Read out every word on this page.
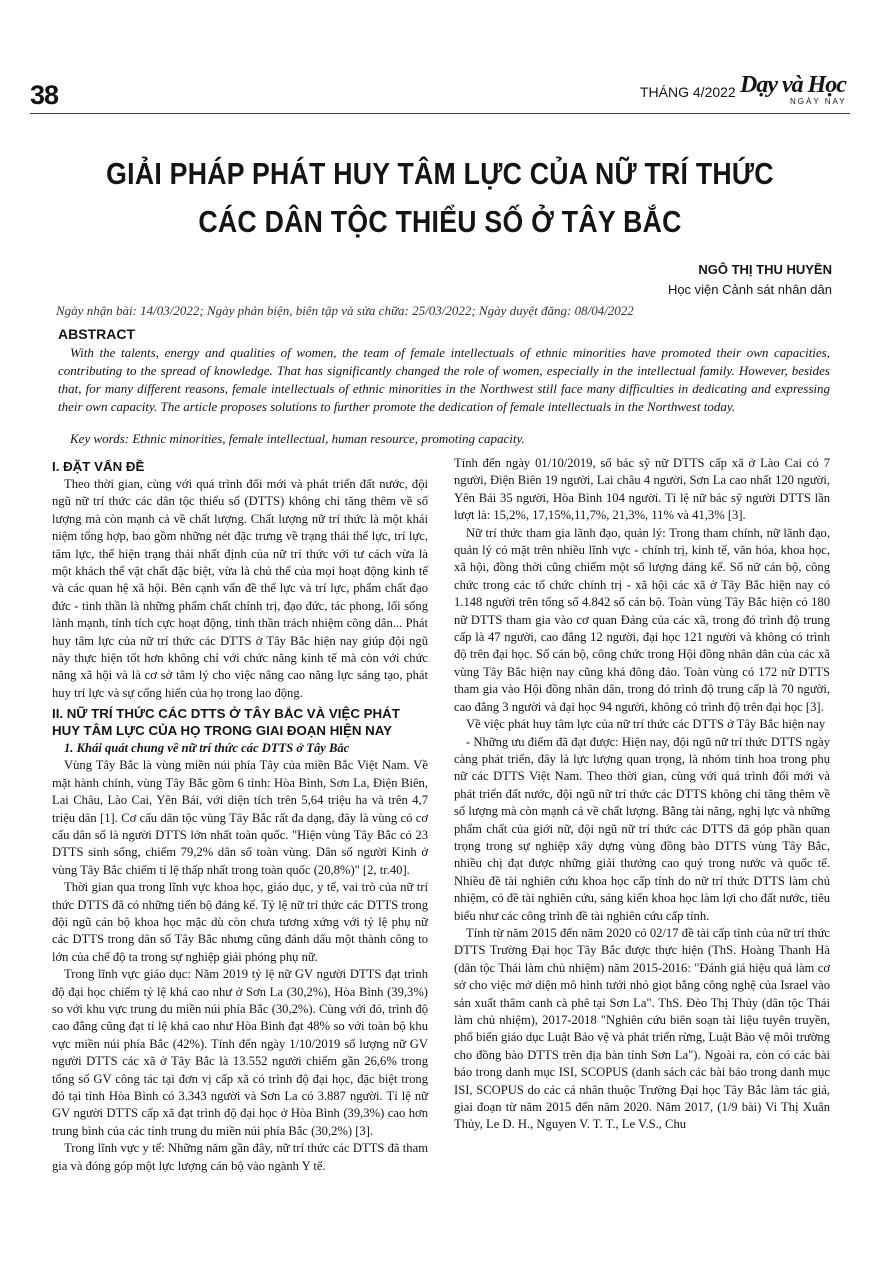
38	THÁNG 4/2022 Dạy và Học
NGÀY NAY
GIẢI PHÁP PHÁT HUY TÂM LỰC CỦA NỮ TRÍ THỨC
CÁC DÂN TỘC THIỂU SỐ Ở TÂY BẮC
NGÔ THỊ THU HUYỀN
Học viện Cảnh sát nhân dân
Ngày nhận bài: 14/03/2022; Ngày phản biện, biên tập và sửa chữa: 25/03/2022; Ngày duyệt đăng: 08/04/2022
ABSTRACT
With the talents, energy and qualities of women, the team of female intellectuals of ethnic minorities have promoted their own capacities, contributing to the spread of knowledge. That has significantly changed the role of women, especially in the intellectual family. However, besides that, for many different reasons, female intellectuals of ethnic minorities in the Northwest still face many difficulties in dedicating and expressing their own capacity. The article proposes solutions to further promote the dedication of female intellectuals in the Northwest today.
Key words: Ethnic minorities, female intellectual, human resource, promoting capacity.
I. ĐẶT VẤN ĐỀ

Theo thời gian, cùng với quá trình đổi mới và phát triển đất nước, đội ngũ nữ trí thức các dân tộc thiểu số (DTTS) không chỉ tăng thêm về số lượng mà còn mạnh cả về chất lượng. Chất lượng nữ trí thức là một khái niệm tổng hợp, bao gồm những nét đặc trưng về trạng thái thể lực, trí lực, tâm lực, thể hiện trạng thái nhất định của nữ trí thức với tư cách vừa là một khách thể vật chất đặc biệt, vừa là chủ thể của mọi hoạt động kinh tế và các quan hệ xã hội. Bên cạnh vấn đề thể lực và trí lực, phẩm chất đạo đức - tinh thần là những phẩm chất chính trị, đạo đức, tác phong, lối sống lành mạnh, tính tích cực hoạt động, tinh thần trách nhiệm công dân... Phát huy tâm lực của nữ trí thức các DTTS ở Tây Bắc hiện nay giúp đội ngũ này thực hiện tốt hơn không chỉ với chức năng kinh tế mà còn với chức năng xã hội và là cơ sở tâm lý cho việc nâng cao năng lực sáng tạo, phát huy trí lực và sự cống hiến của họ trong lao động.

II. NỮ TRÍ THỨC CÁC DTTS Ở TÂY BẮC VÀ VIỆC PHÁT HUY TÂM LỰC CỦA HỌ TRONG GIAI ĐOẠN HIỆN NAY
1. Khái quát chung về nữ trí thức các DTTS ở Tây Bắc

Vùng Tây Bắc là vùng miền núi phía Tây của miền Bắc Việt Nam. Về mặt hành chính, vùng Tây Bắc gồm 6 tỉnh: Hòa Bình, Sơn La, Điện Biên, Lai Châu, Lào Cai, Yên Bái, với diện tích trên 5,64 triệu ha và trên 4,7 triệu dân [1]. Cơ cấu dân tộc vùng Tây Bắc rất đa dạng, đây là vùng có cơ cấu dân số là người DTTS lớn nhất toàn quốc. "Hiện vùng Tây Bắc có 23 DTTS sinh sống, chiếm 79,2% dân số toàn vùng. Dân số người Kinh ở vùng Tây Bắc chiếm tỉ lệ thấp nhất trong toàn quốc (20,8%)" [2, tr.40].

Thời gian qua trong lĩnh vực khoa học, giáo dục, y tế, vai trò của nữ trí thức DTTS đã có những tiến bộ đáng kể. Tỷ lệ nữ trí thức các DTTS trong đội ngũ cán bộ khoa học mặc dù còn chưa tương xứng với tỷ lệ phụ nữ các DTTS trong dân số Tây Bắc nhưng cũng đánh dấu một thành công to lớn của chế độ ta trong sự nghiệp giải phóng phụ nữ.

Trong lĩnh vực giáo dục: Năm 2019 tỷ lệ nữ GV người DTTS đạt trình độ đại học chiếm tỷ lệ khá cao như ở Sơn La (30,2%), Hòa Bình (39,3%) so với khu vực trung du miền núi phía Bắc (30,2%). Cùng với đó, trình độ cao đẳng cũng đạt tỉ lệ khá cao như Hòa Bình đạt 48% so với toàn bộ khu vực miền núi phía Bắc (42%). Tính đến ngày 1/10/2019 số lượng nữ GV người DTTS các xã ở Tây Bắc là 13.552 người chiếm gần 26,6% trong tổng số GV công tác tại đơn vị cấp xã có trình độ đại học, đặc biệt trong đó tại tỉnh Hòa Bình có 3.343 người và Sơn La có 3.887 người. Tỉ lệ nữ GV người DTTS cấp xã đạt trình độ đại học ở Hòa Bình (39,3%) cao hơn trung bình của các tỉnh trung du miền núi phía Bắc (30,2%) [3].

Trong lĩnh vực y tế: Những năm gần đây, nữ trí thức các DTTS đã tham gia và đóng góp một lực lượng cán bộ vào ngành Y tế.

Tính đến ngày 01/10/2019, số bác sỹ nữ DTTS cấp xã ở Lào Cai có 7 người, Điện Biên 19 người, Lai châu 4 người, Sơn La cao nhất 120 người, Yên Bái 35 người, Hòa Bình 104 người. Tỉ lệ nữ bác sỹ người DTTS lần lượt là: 15,2%, 17,15%,11,7%, 21,3%, 11% và 41,3% [3].

Nữ trí thức tham gia lãnh đạo, quản lý: Trong tham chính, nữ lãnh đạo, quản lý có mặt trên nhiều lĩnh vực - chính trị, kinh tế, văn hóa, khoa học, xã hội, đồng thời cũng chiếm một số lượng đáng kể. Số nữ cán bộ, công chức trong các tổ chức chính trị - xã hội các xã ở Tây Bắc hiện nay có 1.148 người trên tổng số 4.842 số cán bộ. Toàn vùng Tây Bắc hiện có 180 nữ DTTS tham gia vào cơ quan Đảng của các xã, trong đó trình độ trung cấp là 47 người, cao đẳng 12 người, đại học 121 người và không có trình độ trên đại học. Số cán bộ, công chức trong Hội đồng nhân dân của các xã vùng Tây Bắc hiện nay cũng khá đông đảo. Toàn vùng có 172 nữ DTTS tham gia vào Hội đồng nhân dân, trong đó trình độ trung cấp là 70 người, cao đẳng 3 người và đại học 94 người, không có trình độ trên đại học [3].

Về việc phát huy tâm lực của nữ trí thức các DTTS ở Tây Bắc hiện nay

- Những ưu điểm đã đạt được: Hiện nay, đội ngũ nữ trí thức DTTS ngày càng phát triển, đây là lực lượng quan trọng, là nhóm tinh hoa trong phụ nữ các DTTS Việt Nam. Theo thời gian, cùng với quá trình đổi mới và phát triển đất nước, đội ngũ nữ trí thức các DTTS không chỉ tăng thêm về số lượng mà còn mạnh cả về chất lượng. Bằng tài năng, nghị lực và những phẩm chất của giới nữ, đội ngũ nữ trí thức các DTTS đã góp phần quan trọng trong sự nghiệp xây dựng vùng đồng bào DTTS vùng Tây Bắc, nhiều chị đạt được những giải thưởng cao quý trong nước và quốc tế. Nhiều đề tài nghiên cứu khoa học cấp tỉnh do nữ trí thức DTTS làm chủ nhiệm, có đề tài nghiên cứu, sáng kiến khoa học làm lợi cho đất nước, tiêu biểu như các công trình đề tài nghiên cứu cấp tỉnh.

Tính từ năm 2015 đến năm 2020 có 02/17 đề tài cấp tỉnh của nữ trí thức DTTS Trường Đại học Tây Bắc được thực hiện (ThS. Hoàng Thanh Hà (dân tộc Thái làm chủ nhiệm) năm 2015-2016: "Đánh giá hiệu quả làm cơ sở cho việc mở diện mô hình tưới nhỏ giọt bằng công nghệ của Israel vào sản xuất thâm canh cà phê tại Sơn La". ThS. Đèo Thị Thủy (dân tộc Thái làm chủ nhiệm), 2017-2018 "Nghiên cứu biên soạn tài liệu tuyên truyền, phổ biến giáo dục Luật Bảo vệ và phát triển rừng, Luật Bảo vệ môi trường cho đồng bào DTTS trên địa bàn tỉnh Sơn La"). Ngoài ra, còn có các bài báo trong danh mục ISI, SCOPUS (danh sách các bài báo trong danh mục ISI, SCOPUS do các cá nhân thuộc Trường Đại học Tây Bắc làm tác giả, giai đoạn từ năm 2015 đến năm 2020. Năm 2017, (1/9 bài) Vi Thị Xuân Thủy, Le D. H., Nguyen V. T. T., Le V.S., Chu
